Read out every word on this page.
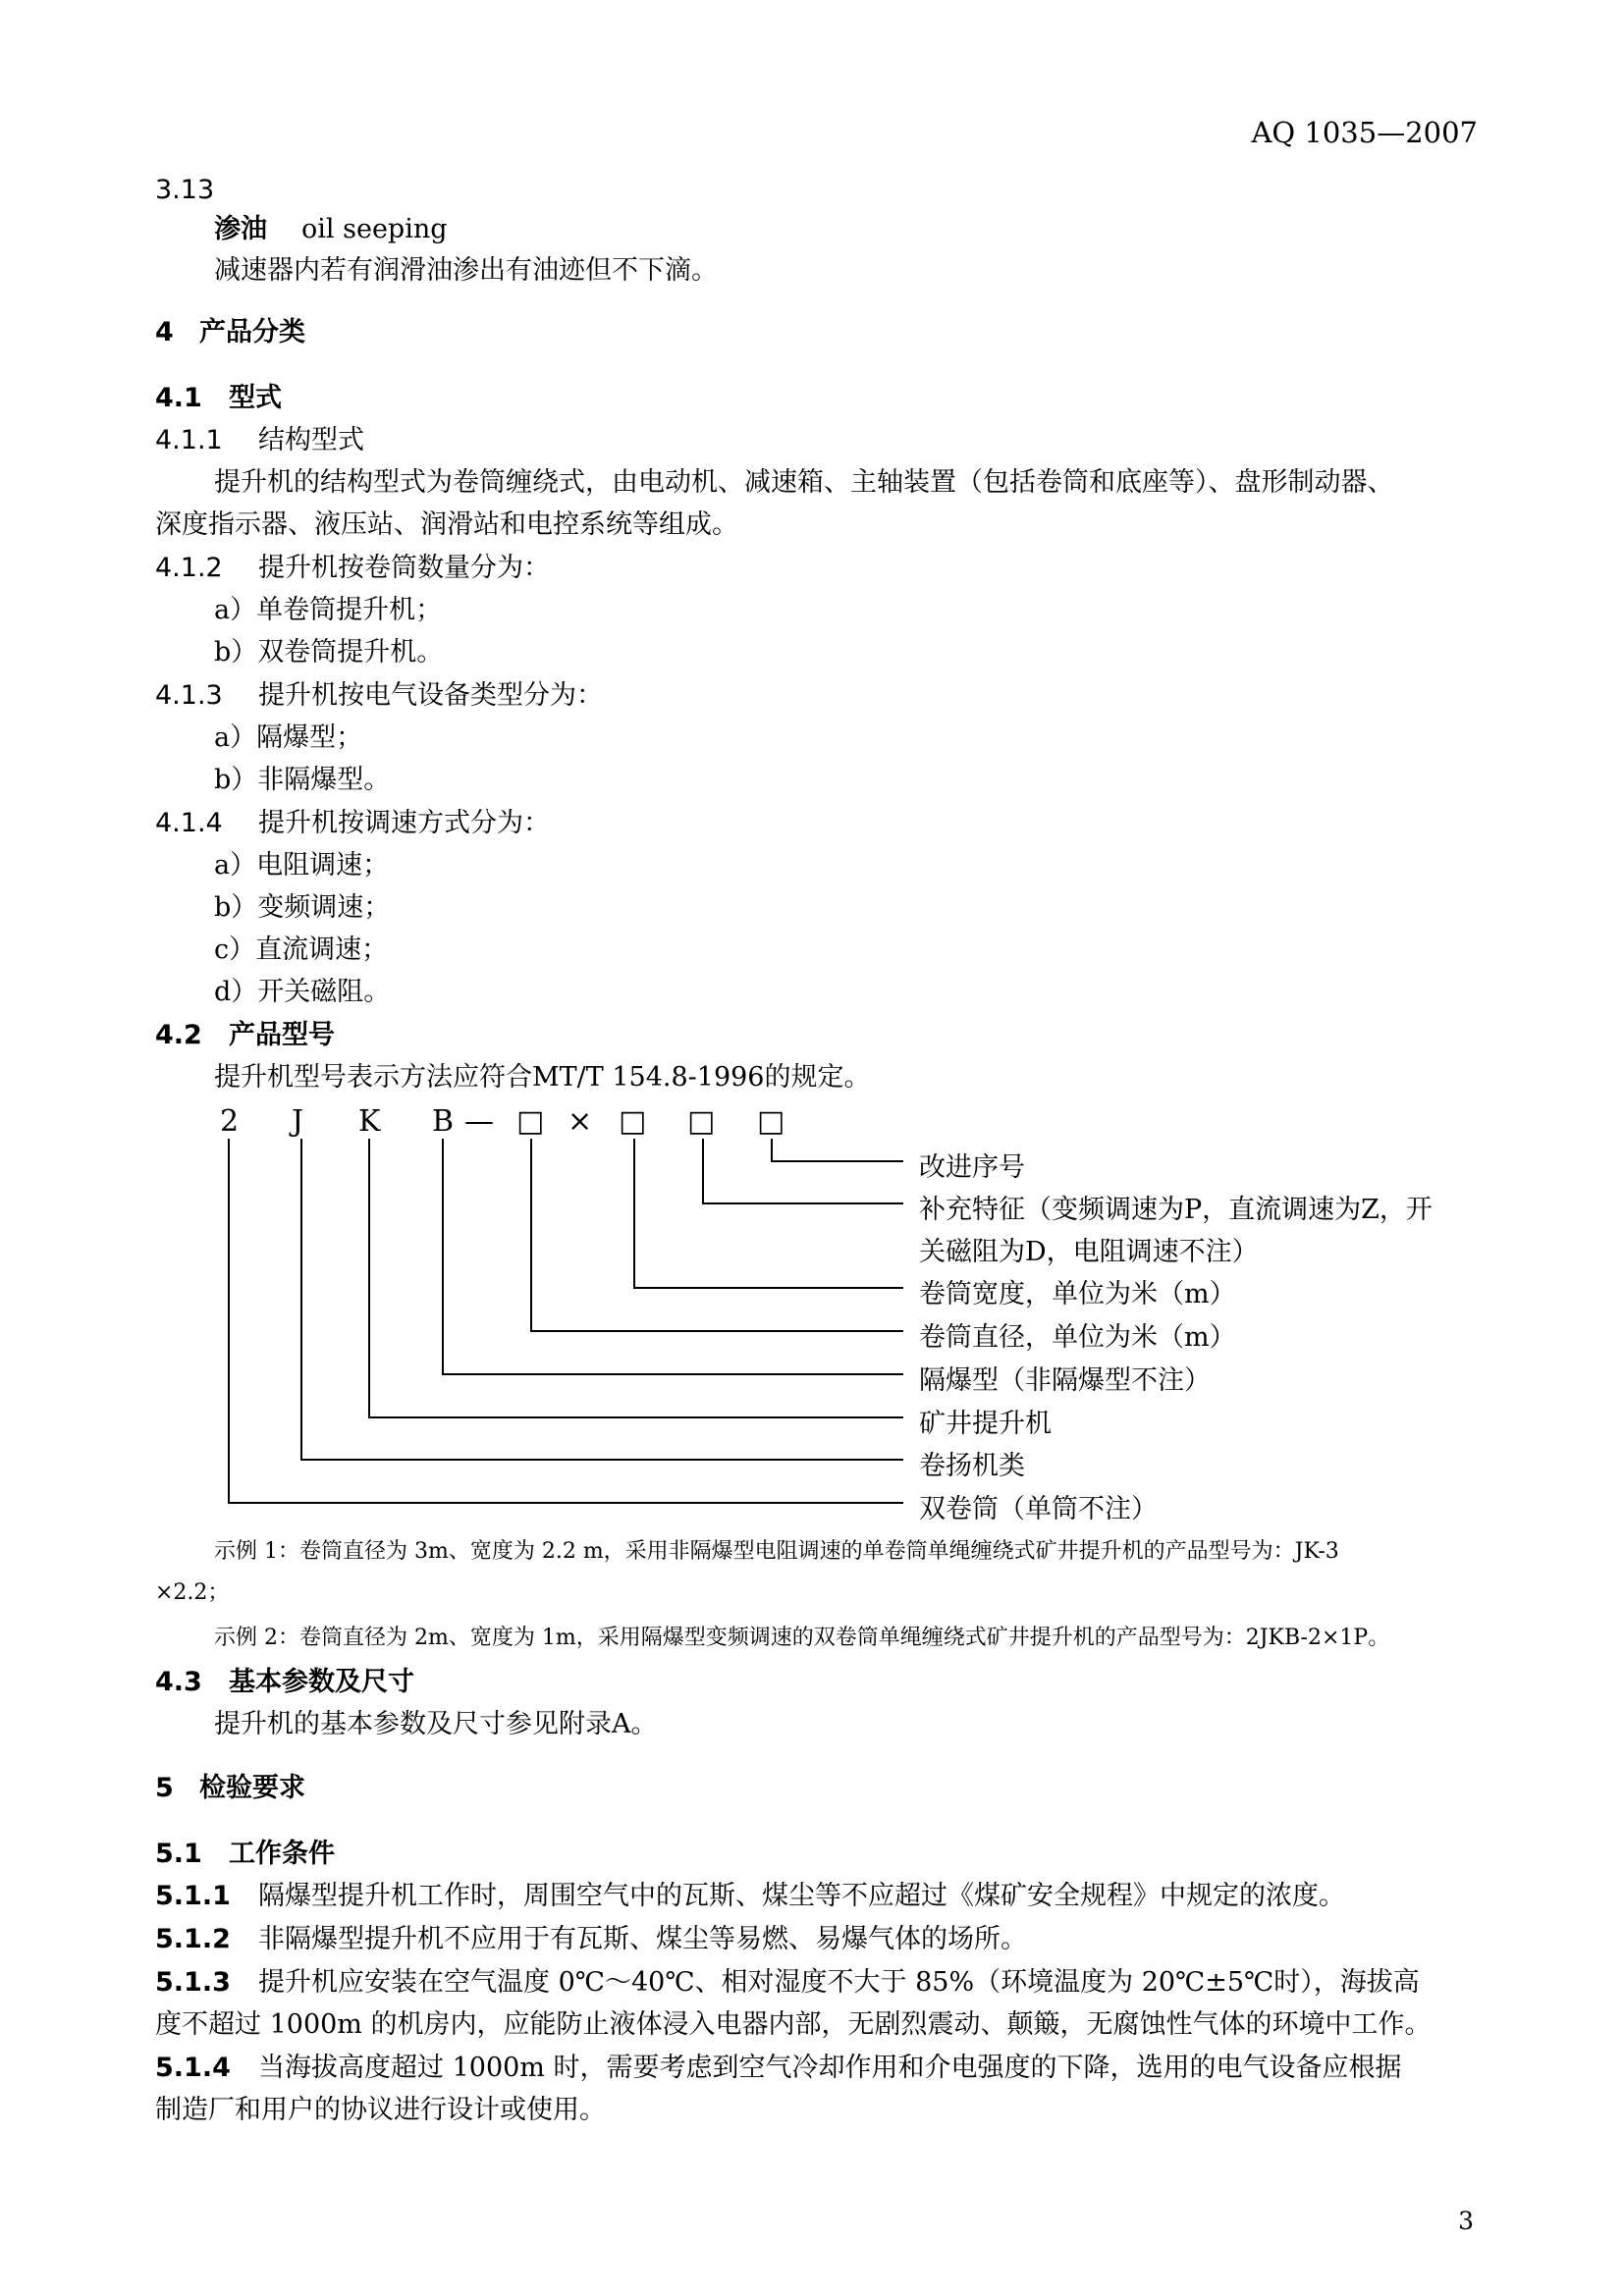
AQ 1035—2007
3.13
渗油 oil seeping
减速器内若有润滑油渗出有油迹但不下滴。
4 产品分类
4.1 型式
4.1.1 结构型式
提升机的结构型式为卷筒缠绕式，由电动机、减速箱、主轴装置（包括卷筒和底座等）、盘形制动器、
深度指示器、液压站、润滑站和电控系统等组成。
4.1.2 提升机按卷筒数量分为：
a）单卷筒提升机；
b）双卷筒提升机。
4.1.3 提升机按电气设备类型分为：
a）隔爆型；
b）非隔爆型。
4.1.4 提升机按调速方式分为：
a）电阻调速；
b）变频调速；
c）直流调速；
d）开关磁阻。
4.2 产品型号
提升机型号表示方法应符合MT/T 154.8-1996的规定。
2 J K B — □ × □ □ □
改进序号
补充特征（变频调速为P，直流调速为Z，开
关磁阻为D，电阻调速不注）
卷筒宽度，单位为米（m）
卷筒直径，单位为米（m）
隔爆型（非隔爆型不注）
矿井提升机
卷扬机类
双卷筒（单筒不注）
示例 1：卷筒直径为 3m、宽度为 2.2 m，采用非隔爆型电阻调速的单卷筒单绳缠绕式矿井提升机的产品型号为：JK-3
×2.2；
示例 2：卷筒直径为 2m、宽度为 1m，采用隔爆型变频调速的双卷筒单绳缠绕式矿井提升机的产品型号为：2JKB-2×1P。
4.3 基本参数及尺寸
提升机的基本参数及尺寸参见附录A。
5 检验要求
5.1 工作条件
5.1.1 隔爆型提升机工作时，周围空气中的瓦斯、煤尘等不应超过《煤矿安全规程》中规定的浓度。
5.1.2 非隔爆型提升机不应用于有瓦斯、煤尘等易燃、易爆气体的场所。
5.1.3 提升机应安装在空气温度 0℃～40℃、相对湿度不大于 85%（环境温度为 20℃±5℃时），海拔高
度不超过 1000m 的机房内，应能防止液体浸入电器内部，无剧烈震动、颠簸，无腐蚀性气体的环境中工作。
5.1.4 当海拔高度超过 1000m 时，需要考虑到空气冷却作用和介电强度的下降，选用的电气设备应根据
制造厂和用户的协议进行设计或使用。
3
